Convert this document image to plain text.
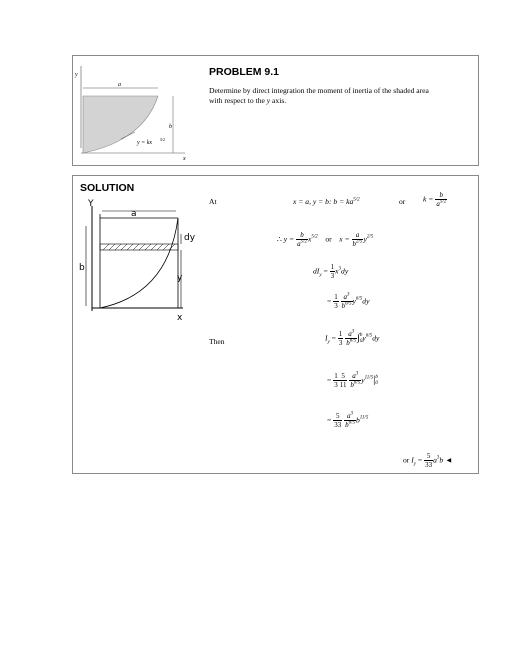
y
x
a
b
y = kx
5/2
PROBLEM 9.1
Determine by direct integration the moment of inertia of the shaded area
with respect to the y axis.
SOLUTION
Y
a
dy
b
y
x
At	x = a, y = b: $b = ka^{5/2}$	or $k = \frac{b}{a^{5/2}}$
∴ $y = \frac{b}{a^{5/2}} x^{5/2}$ or $x = \frac{a}{b^{2/5}} y^{2/5}$
$dI_y = \frac{1}{3} x^3dy$
= $\frac{1}{3}$
$\frac{a^3}{b^{6/5}} y^{6/5}dy$
Then	$I_y = \frac{1}{3}$
$\frac{a^3}{b^{6/5}}$ ∫ b
0 $y^{6/5}dy$
= $\frac{1}{3} \frac{5}{11}$
$\frac{a^3}{b^{6/5}} y^{11/5}|$ b
0
= $\frac{5}{33}$
$\frac{a^3}{b^{6/5}} b^{11/5}$
or $I_y = \frac{5}{33} a^3b$ ◄
